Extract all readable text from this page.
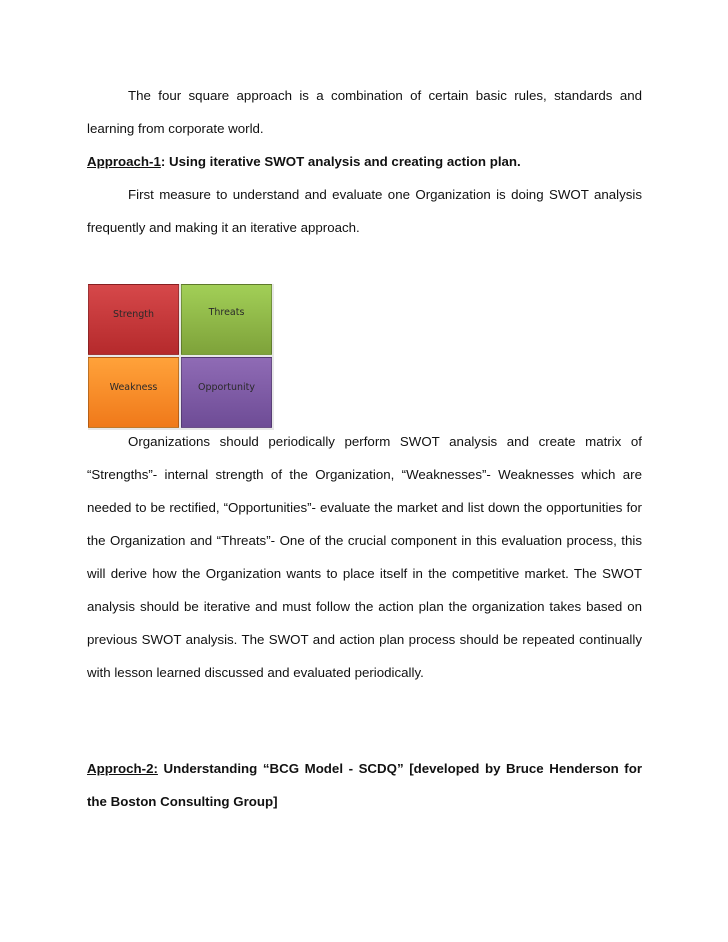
The four square approach is a combination of certain basic rules, standards and learning from corporate world.

Approach-1: Using iterative SWOT analysis and creating action plan.

First measure to understand and evaluate one Organization is doing SWOT analysis frequently and making it an iterative approach.

Strength	Threats
Weakness	Opportunity

Organizations should periodically perform SWOT analysis and create matrix of “Strengths”- internal strength of the Organization, “Weaknesses”- Weaknesses which are needed to be rectified, “Opportunities”- evaluate the market and list down the opportunities for the Organization and “Threats”- One of the crucial component in this evaluation process, this will derive how the Organization wants to place itself in the competitive market. The SWOT analysis should be iterative and must follow the action plan the organization takes based on previous SWOT analysis. The SWOT and action plan process should be repeated continually with lesson learned discussed and evaluated periodically.

Approch-2: Understanding “BCG Model - SCDQ” [developed by Bruce Henderson for the Boston Consulting Group]
